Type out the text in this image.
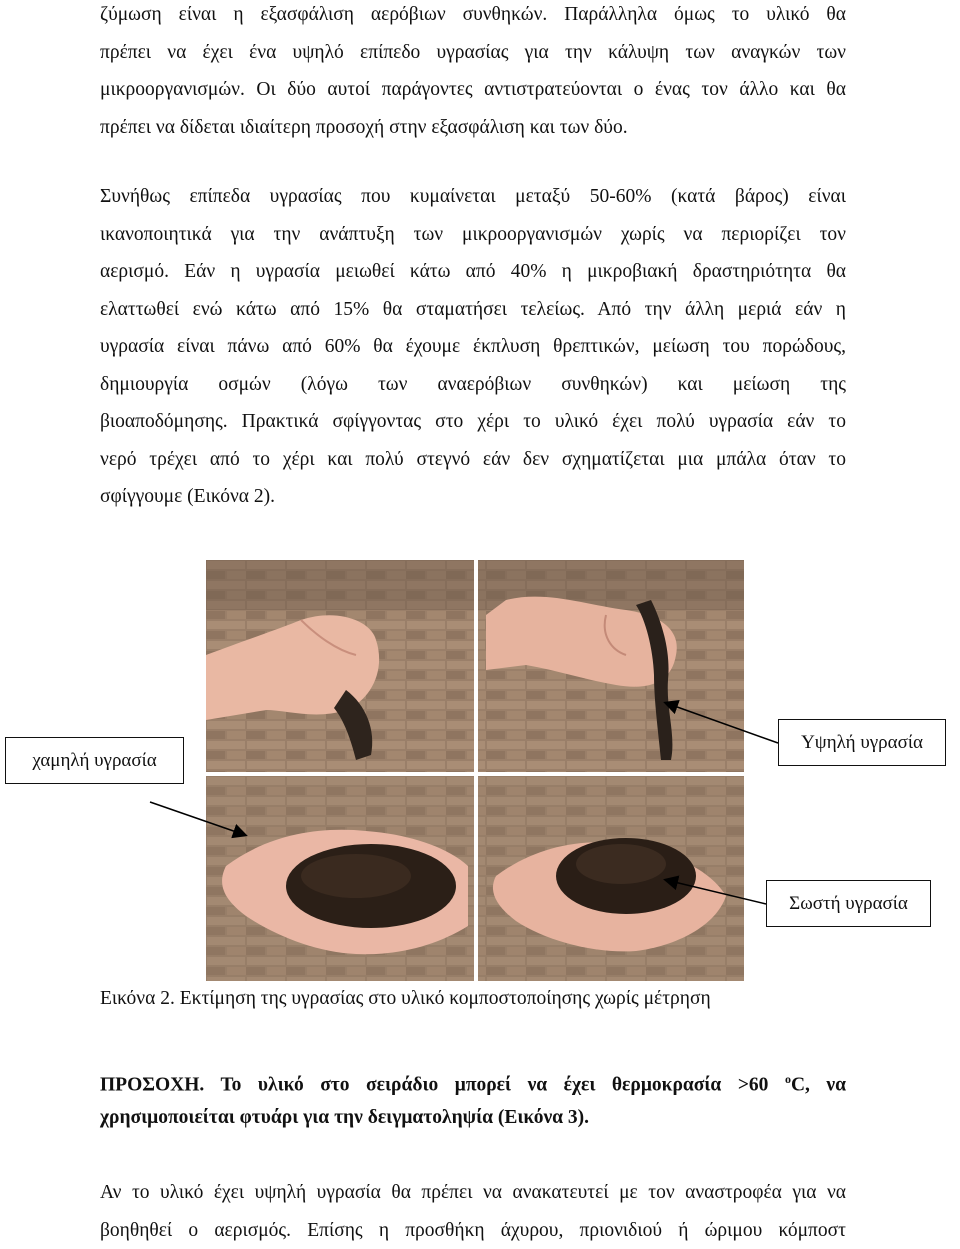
ζύμωση είναι η εξασφάλιση αερόβιων συνθηκών. Παράλληλα όμως το υλικό θα
πρέπει να έχει ένα υψηλό επίπεδο υγρασίας για την κάλυψη των αναγκών των
μικροοργανισμών. Οι δύο αυτοί παράγοντες αντιστρατεύονται ο ένας τον άλλο και θα
πρέπει να δίδεται ιδιαίτερη προσοχή στην εξασφάλιση και των δύο.
Συνήθως επίπεδα υγρασίας που κυμαίνεται μεταξύ 50-60% (κατά βάρος) είναι
ικανοποιητικά για την ανάπτυξη των μικροοργανισμών χωρίς να περιορίζει τον
αερισμό. Εάν η υγρασία μειωθεί κάτω από 40% η μικροβιακή δραστηριότητα θα
ελαττωθεί ενώ κάτω από 15% θα σταματήσει τελείως. Από την άλλη μεριά εάν η
υγρασία είναι πάνω από 60% θα έχουμε έκπλυση θρεπτικών, μείωση του πορώδους,
δημιουργία οσμών (λόγω των αναερόβιων συνθηκών) και μείωση της
βιοαποδόμησης. Πρακτικά σφίγγοντας στο χέρι το υλικό έχει πολύ υγρασία εάν το
νερό τρέχει από το χέρι και πολύ στεγνό εάν δεν σχηματίζεται μια μπάλα όταν το
σφίγγουμε (Εικόνα 2).
χαμηλή υγρασία
Υψηλή υγρασία
Σωστή υγρασία
Εικόνα 2. Εκτίμηση της υγρασίας στο υλικό κομποστοποίησης χωρίς μέτρηση
ΠΡΟΣΟΧΗ. Το υλικό στο σειράδιο μπορεί να έχει θερμοκρασία >60 $^o$C, να
χρησιμοποιείται φτυάρι για την δειγματοληψία (Εικόνα 3).
Αν το υλικό έχει υψηλή υγρασία θα πρέπει να ανακατευτεί με τον αναστροφέα για να
βοηθηθεί ο αερισμός. Επίσης η προσθήκη άχυρου, πριονιδιού ή ώριμου κόμποστ
